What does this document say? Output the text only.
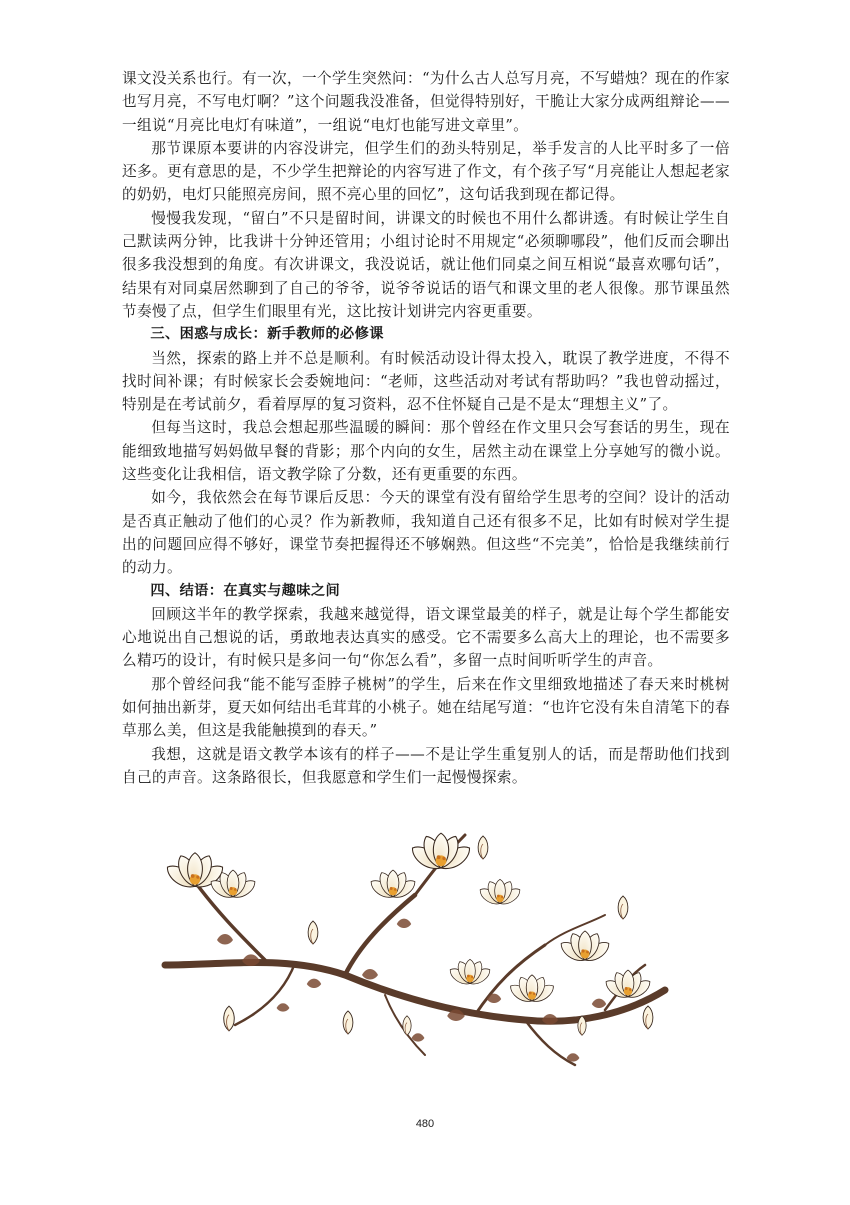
课文没关系也行。有一次，一个学生突然问：“为什么古人总写月亮，不写蜡烛？现在的作家也写月亮，不写电灯啊？”这个问题我没准备，但觉得特别好，干脆让大家分成两组辩论——一组说“月亮比电灯有味道”，一组说“电灯也能写进文章里”。

那节课原本要讲的内容没讲完，但学生们的劲头特别足，举手发言的人比平时多了一倍还多。更有意思的是，不少学生把辩论的内容写进了作文，有个孩子写“月亮能让人想起老家的奶奶，电灯只能照亮房间，照不亮心里的回忆”，这句话我到现在都记得。

慢慢我发现，“留白”不只是留时间，讲课文的时候也不用什么都讲透。有时候让学生自己默读两分钟，比我讲十分钟还管用；小组讨论时不用规定“必须聊哪段”，他们反而会聊出很多我没想到的角度。有次讲课文，我没说话，就让他们同桌之间互相说“最喜欢哪句话”，结果有对同桌居然聊到了自己的爷爷，说爷爷说话的语气和课文里的老人很像。那节课虽然节奏慢了点，但学生们眼里有光，这比按计划讲完内容更重要。

三、困惑与成长：新手教师的必修课

当然，探索的路上并不总是顺利。有时候活动设计得太投入，耽误了教学进度，不得不找时间补课；有时候家长会委婉地问：“老师，这些活动对考试有帮助吗？”我也曾动摇过，特别是在考试前夕，看着厚厚的复习资料，忍不住怀疑自己是不是太“理想主义”了。

但每当这时，我总会想起那些温暖的瞬间：那个曾经在作文里只会写套话的男生，现在能细致地描写妈妈做早餐的背影；那个内向的女生，居然主动在课堂上分享她写的微小说。这些变化让我相信，语文教学除了分数，还有更重要的东西。

如今，我依然会在每节课后反思：今天的课堂有没有留给学生思考的空间？设计的活动是否真正触动了他们的心灵？作为新教师，我知道自己还有很多不足，比如有时候对学生提出的问题回应得不够好，课堂节奏把握得还不够娴熟。但这些“不完美”，恰恰是我继续前行的动力。

四、结语：在真实与趣味之间

回顾这半年的教学探索，我越来越觉得，语文课堂最美的样子，就是让每个学生都能安心地说出自己想说的话，勇敢地表达真实的感受。它不需要多么高大上的理论，也不需要多么精巧的设计，有时候只是多问一句“你怎么看”，多留一点时间听听学生的声音。

那个曾经问我“能不能写歪脖子桃树”的学生，后来在作文里细致地描述了春天来时桃树如何抽出新芽，夏天如何结出毛茸茸的小桃子。她在结尾写道：“也许它没有朱自清笔下的春草那么美，但这是我能触摸到的春天。”

我想，这就是语文教学本该有的样子——不是让学生重复别人的话，而是帮助他们找到自己的声音。这条路很长，但我愿意和学生们一起慢慢探索。

480
